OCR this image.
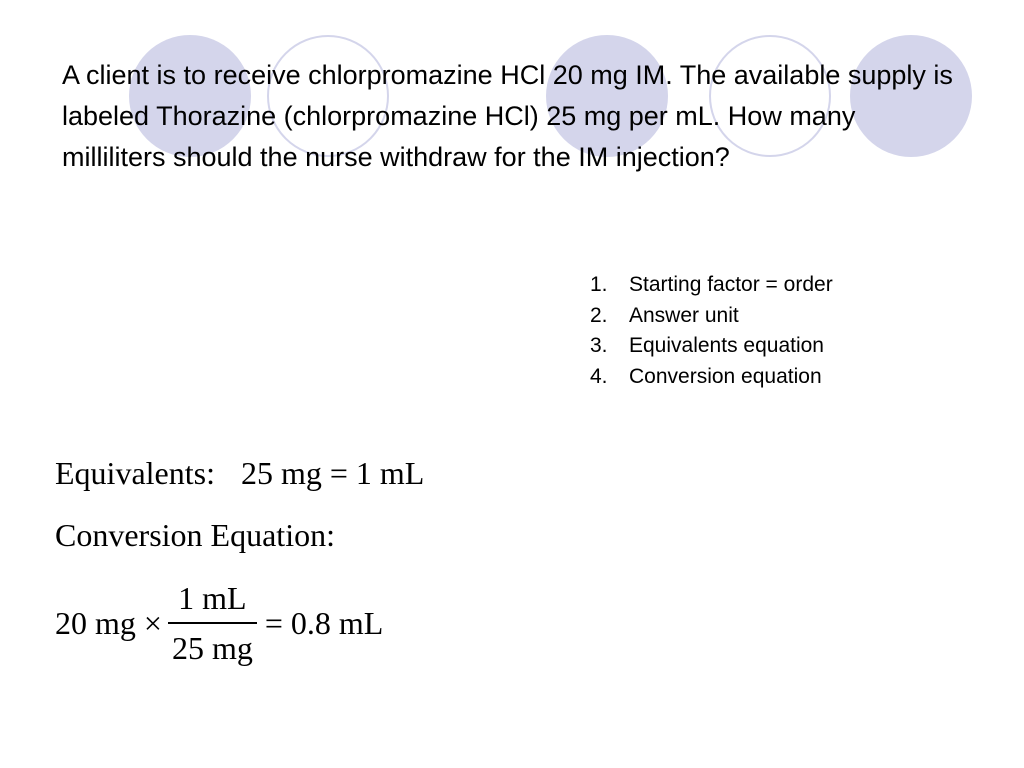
A client is to receive chlorpromazine HCl 20 mg IM. The available supply is labeled Thorazine (chlorpromazine HCl) 25 mg per mL. How many milliliters should the nurse withdraw for the IM injection?

1.	Starting factor = order
2.	Answer unit
3.	Equivalents equation
4.	Conversion equation
Equivalents: 25 mg = 1 mL
Conversion Equation:
20 mg × $\frac{1 mL}{25 mg} = 0.8$ mL
